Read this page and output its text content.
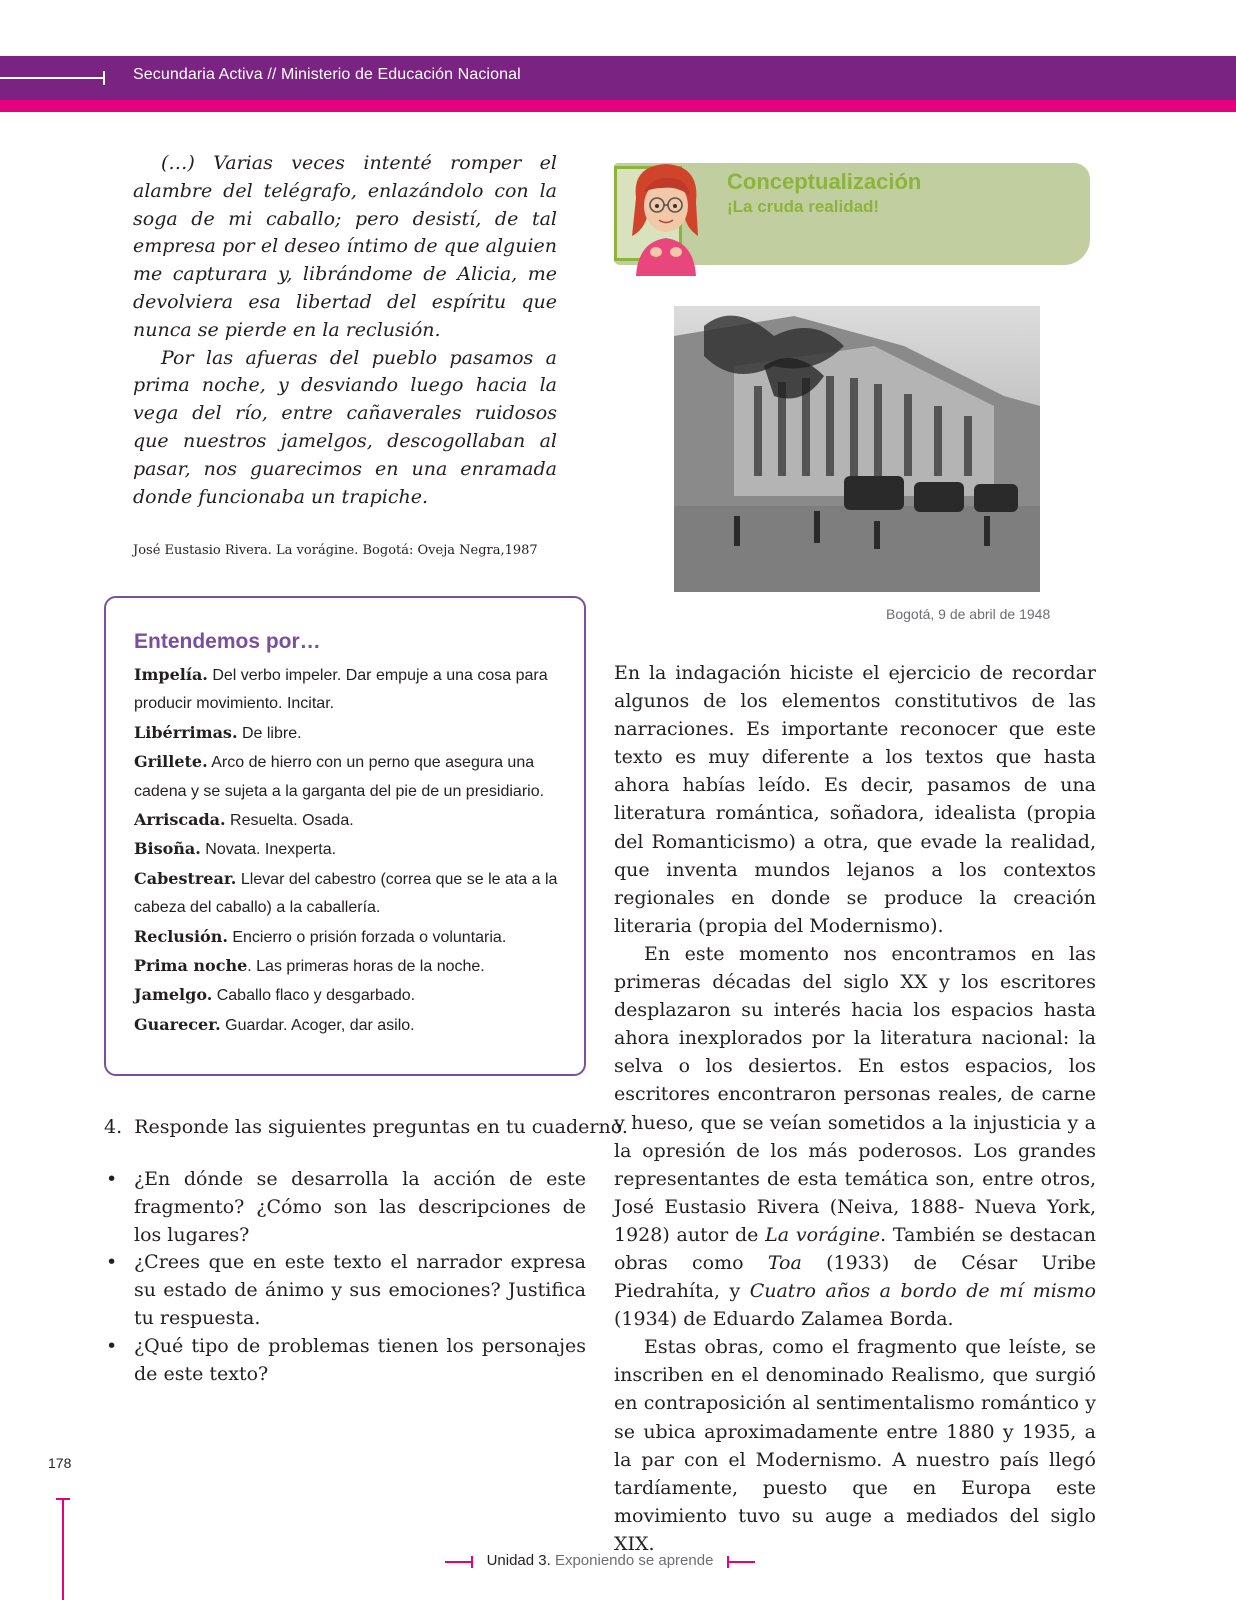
Secundaria Activa // Ministerio de Educación Nacional

(…) Varias veces intenté romper el alambre del telégrafo, enlazándolo con la soga de mi caballo; pero desistí, de tal empresa por el deseo íntimo de que alguien me capturara y, librándome de Alicia, me devolviera esa libertad del espíritu que nunca se pierde en la reclusión.

Por las afueras del pueblo pasamos a prima noche, y desviando luego hacia la vega del río, entre cañaverales ruidosos que nuestros jamelgos, descogollaban al pasar, nos guarecimos en una enramada donde funcionaba un trapiche.

José Eustasio Rivera. La vorágine. Bogotá: Oveja Negra,1987
Conceptualización
¡La cruda realidad!
Bogotá, 9 de abril de 1948
Entendemos por…

Impelía. Del verbo impeler. Dar empuje a una cosa para producir movimiento. Incitar.

Libérrimas. De libre.

Grillete. Arco de hierro con un perno que asegura una cadena y se sujeta a la garganta del pie de un presidiario.

Arriscada. Resuelta. Osada.

Bisoña. Novata. Inexperta.

Cabestrear. Llevar del cabestro (correa que se le ata a la cabeza del caballo) a la caballería.

Reclusión. Encierro o prisión forzada o voluntaria.

Prima noche. Las primeras horas de la noche.

Jamelgo. Caballo flaco y desgarbado.

Guarecer. Guardar. Acoger, dar asilo.

4. Responde las siguientes preguntas en tu cuaderno.
• ¿En dónde se desarrolla la acción de este fragmento? ¿Cómo son las descripciones de los lugares?
• ¿Crees que en este texto el narrador expresa su estado de ánimo y sus emociones? Justifica tu respuesta.
• ¿Qué tipo de problemas tienen los personajes de este texto?

En la indagación hiciste el ejercicio de recordar algunos de los elementos constitutivos de las narraciones. Es importante reconocer que este texto es muy diferente a los textos que hasta ahora habías leído. Es decir, pasamos de una literatura romántica, soñadora, idealista (propia del Romanticismo) a otra, que evade la realidad, que inventa mundos lejanos a los contextos regionales en donde se produce la creación literaria (propia del Modernismo).

En este momento nos encontramos en las primeras décadas del siglo XX y los escritores desplazaron su interés hacia los espacios hasta ahora inexplorados por la literatura nacional: la selva o los desiertos. En estos espacios, los escritores encontraron personas reales, de carne y hueso, que se veían sometidos a la injusticia y a la opresión de los más poderosos. Los grandes representantes de esta temática son, entre otros, José Eustasio Rivera (Neiva, 1888- Nueva York, 1928) autor de La vorágine. También se destacan obras como Toa (1933) de César Uribe Piedrahíta, y Cuatro años a bordo de mí mismo (1934) de Eduardo Zalamea Borda.

Estas obras, como el fragmento que leíste, se inscriben en el denominado Realismo, que surgió en contraposición al sentimentalismo romántico y se ubica aproximadamente entre 1880 y 1935, a la par con el Modernismo. A nuestro país llegó tardíamente, puesto que en Europa este movimiento tuvo su auge a mediados del siglo XIX.

178
Unidad 3. Exponiendo se aprende
